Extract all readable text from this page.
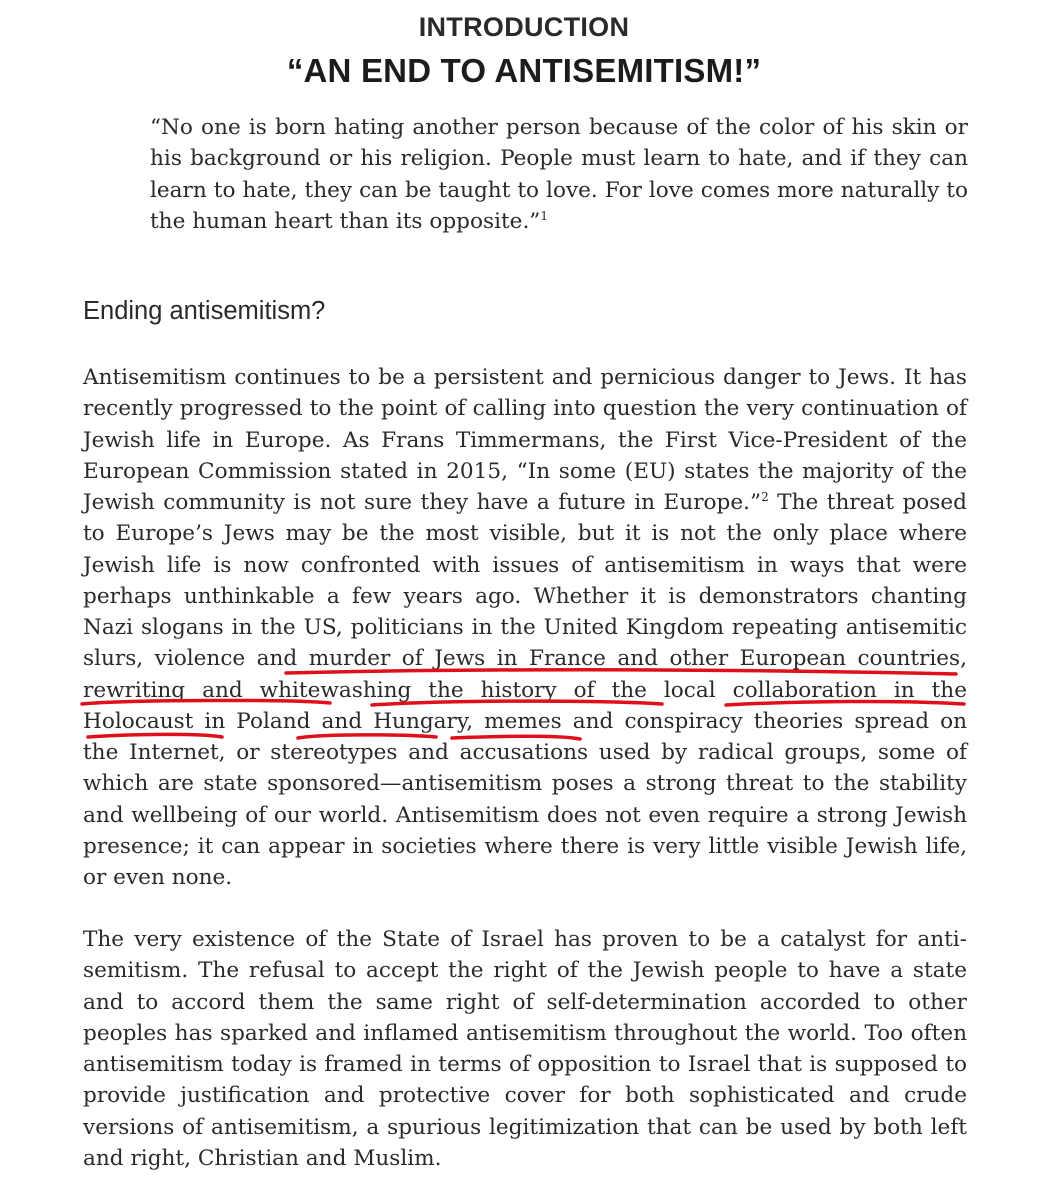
INTRODUCTION
“AN END TO ANTISEMITISM!”
“No one is born hating another person because of the color of his skin or his background or his religion. People must learn to hate, and if they can learn to hate, they can be taught to love. For love comes more naturally to the human heart than its opposite.”$^1$
Ending antisemitism?
Antisemitism continues to be a persistent and pernicious danger to Jews. It has recently progressed to the point of calling into question the very continuation of Jewish life in Europe. As Frans Timmermans, the First Vice-President of the European Commission stated in 2015, “In some (EU) states the majority of the Jewish community is not sure they have a future in Europe.”$^2$ The threat posed to Europe’s Jews may be the most visible, but it is not the only place where Jewish life is now confronted with issues of antisemitism in ways that were perhaps unthinkable a few years ago. Whether it is demonstrators chanting Nazi slogans in the US, politicians in the United Kingdom repeating antisemitic slurs, violence and murder of Jews in France and other European countries, rewriting and whitewashing the history of the local collaboration in the Holocaust in Poland and Hungary, memes and conspiracy theories spread on the Internet, or stereotypes and accusations used by radical groups, some of which are state sponsored—antisemitism poses a strong threat to the stability and wellbeing of our world. Antisemitism does not even require a strong Jewish presence; it can appear in societies where there is very little visible Jewish life, or even none.
The very existence of the State of Israel has proven to be a catalyst for antisemitism. The refusal to accept the right of the Jewish people to have a state and to accord them the same right of self-determination accorded to other peoples has sparked and inflamed antisemitism throughout the world. Too often antisemitism today is framed in terms of opposition to Israel that is supposed to provide justification and protective cover for both sophisticated and crude versions of antisemitism, a spurious legitimization that can be used by both left and right, Christian and Muslim.
